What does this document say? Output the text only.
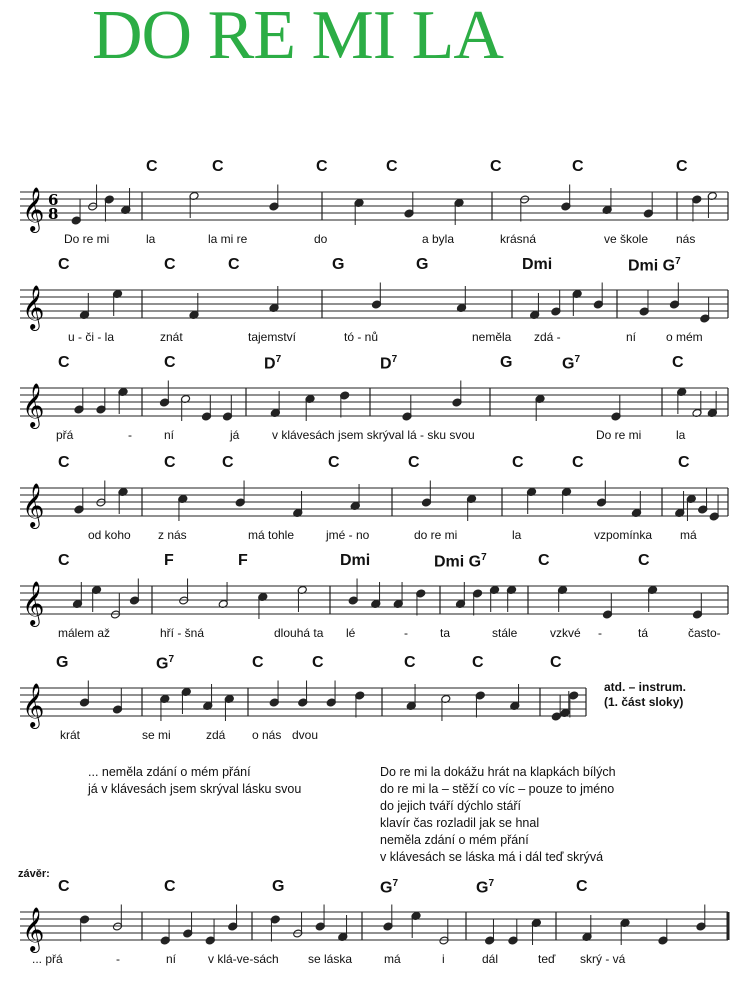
DO RE MI LA
𝄞 6
8
C	C	C	C	C	C	C
Do re mi	la	la mi re	do	a byla	krásná	ve škole nás
𝄞
C	C	C	G	G	Dmi	Dmi $G^7$
u - či - la	znát	tajemství	tó - nů	neměla zdá -	ní o mém
𝄞
C	C	$D^7$	$D^7$	G	$G^7$	C
přá	-	ní	já	v klávesách jsem skrýval lá - sku svou	Do re mi	la
𝄞
C	C	C	C	C	C	C	C
od koho z nás	má tohle	jmé - no	do re mi	la	vzpomínka má
𝄞
C	F	F	Dmi	Dmi $G^7$	C	C
málem až	hří - šná	dlouhá ta lé	-	ta	stále	vzkvé -	tá	často-
𝄞
G	$G^7$	C	C	C	C	C
krát	se mi	zdá o nás dvou
𝄞
C	C	G	$G^7$	$G^7$	C
... přá	-	ní	v klá-ve-sách se láska	má	i	dál	teď skrý - vá
atd. – instrum.
(1. část sloky)
... neměla zdání o mém přání
já v klávesách jsem skrýval lásku svou
Do re mi la dokážu hrát na klapkách bílých
do re mi la – stěží co víc – pouze to jméno
do jejich tváří dýchlo stáří
klavír čas rozladil jak se hnal
neměla zdání o mém přání
v klávesách se láska má i dál teď skrývá
závěr:
